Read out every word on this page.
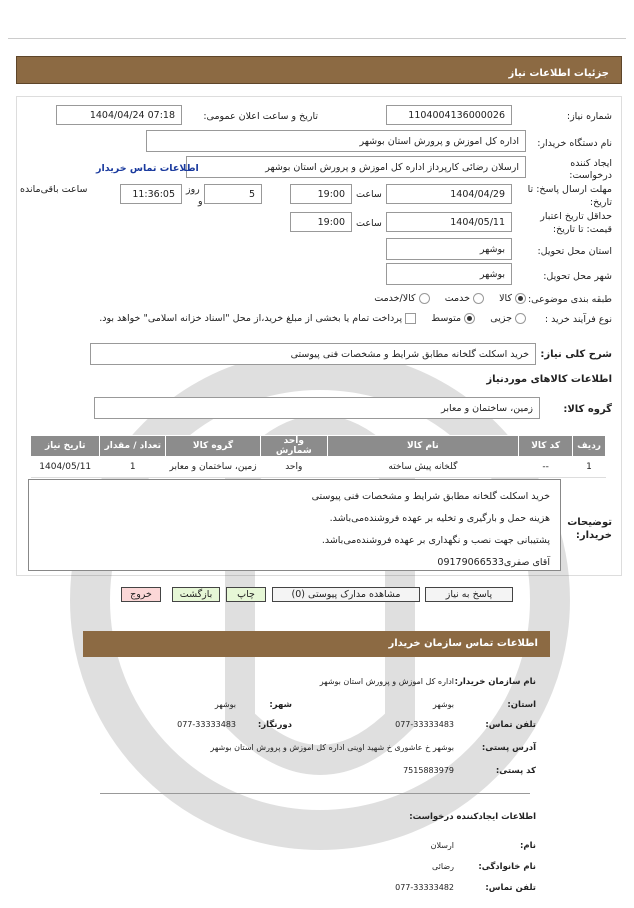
جزئیات اطلاعات نیاز
شماره نیاز:
1104004136000026
تاریخ و ساعت اعلان عمومی:
1404/04/24 07:18
نام دستگاه خریدار:
اداره کل اموزش و پرورش استان بوشهر
ایجاد کننده
درخواست:
ارسلان رضائی کارپرداز اداره کل اموزش و پرورش استان بوشهر
اطلاعات تماس خریدار
مهلت ارسال پاسخ: تا
تاریخ:
1404/04/29
ساعت
19:00
5
روز
و
11:36:05
ساعت باقی‌مانده
حداقل تاریخ اعتبار
قیمت: تا تاریخ:
1404/05/11
ساعت
19:00
استان محل تحویل:
بوشهر
شهر محل تحویل:
بوشهر
طبقه بندی موضوعی:
کالا      خدمت      کالا/خدمت
نوع فرآیند خرید :
جزیی      متوسط      پرداخت تمام یا بخشی از مبلغ خرید،از محل "اسناد خزانه اسلامی" خواهد بود.
شرح کلی نیاز:
خرید اسکلت گلخانه مطابق شرایط و مشخصات فنی پیوستی
اطلاعات کالاهای موردنیاز
گروه کالا:
زمین، ساختمان و معابر
ردیف	کد کالا	نام کالا	واحد شمارش	گروه کالا	تعداد / مقدار	تاریخ نیاز
1	--	گلخانه پیش ساخته	واحد	زمین، ساختمان و معابر	1	1404/05/11
توضیحات
خریدار:
خرید اسکلت گلخانه مطابق شرایط و مشخصات فنی پیوستی
هزینه حمل و بارگیری و تخلیه بر عهده فروشنده‌می‌باشد.
پشتیبانی جهت نصب و نگهداری بر عهده فروشنده‌می‌باشد.
آقای صفری09179066533
پاسخ به نیاز
مشاهده مدارک پیوستی (0)
چاپ
بازگشت
خروج
اطلاعات تماس سازمان خریدار
نام سازمان خریدار:
اداره کل اموزش و پرورش استان بوشهر
استان:
بوشهر
شهر:
بوشهر
تلفن تماس:
077-33333483
دورنگار:
077-33333483
آدرس پستی:
بوشهر خ عاشوری خ شهید اوینی اداره کل اموزش و پرورش استان بوشهر
کد پستی:
7515883979
اطلاعات ایجادکننده درخواست:
نام:
ارسلان
نام خانوادگی:
رضائی
تلفن تماس:
077-33333482
